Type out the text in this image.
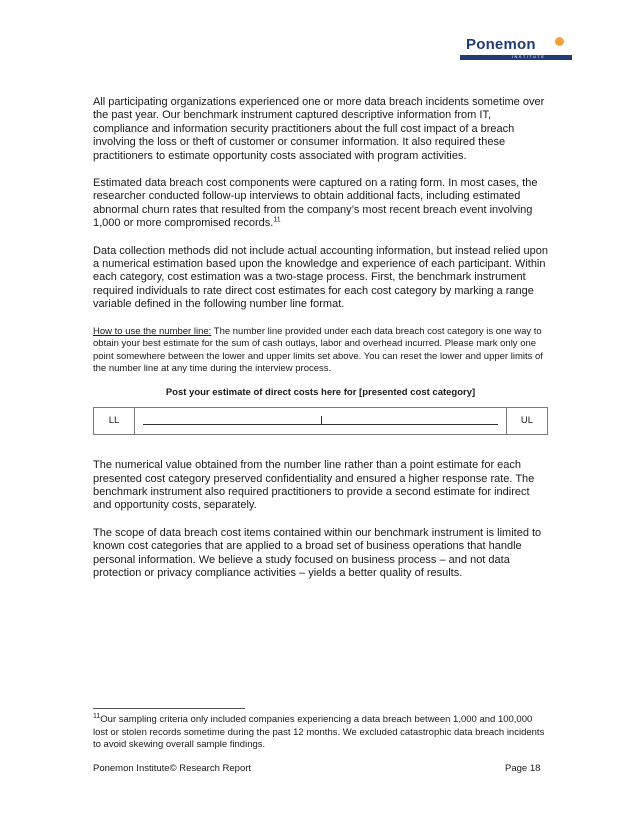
Ponemon
INSTITUTE

All participating organizations experienced one or more data breach incidents sometime over the past year. Our benchmark instrument captured descriptive information from IT, compliance and information security practitioners about the full cost impact of a breach involving the loss or theft of customer or consumer information. It also required these practitioners to estimate opportunity costs associated with program activities.

Estimated data breach cost components were captured on a rating form. In most cases, the researcher conducted follow-up interviews to obtain additional facts, including estimated abnormal churn rates that resulted from the company’s most recent breach event involving 1,000 or more compromised records.$^{11}$

Data collection methods did not include actual accounting information, but instead relied upon a numerical estimation based upon the knowledge and experience of each participant. Within each category, cost estimation was a two-stage process. First, the benchmark instrument required individuals to rate direct cost estimates for each cost category by marking a range variable defined in the following number line format.

How to use the number line: The number line provided under each data breach cost category is one way to obtain your best estimate for the sum of cash outlays, labor and overhead incurred. Please mark only one point somewhere between the lower and upper limits set above. You can reset the lower and upper limits of the number line at any time during the interview process.
Post your estimate of direct costs here for [presented cost category]
LL	UL

The numerical value obtained from the number line rather than a point estimate for each presented cost category preserved confidentiality and ensured a higher response rate. The benchmark instrument also required practitioners to provide a second estimate for indirect and opportunity costs, separately.

The scope of data breach cost items contained within our benchmark instrument is limited to known cost categories that are applied to a broad set of business operations that handle personal information. We believe a study focused on business process – and not data protection or privacy compliance activities – yields a better quality of results.

$^{11}$Our sampling criteria only included companies experiencing a data breach between 1,000 and 100,000 lost or stolen records sometime during the past 12 months. We excluded catastrophic data breach incidents to avoid skewing overall sample findings.
Ponemon Institute© Research Report	Page 18
